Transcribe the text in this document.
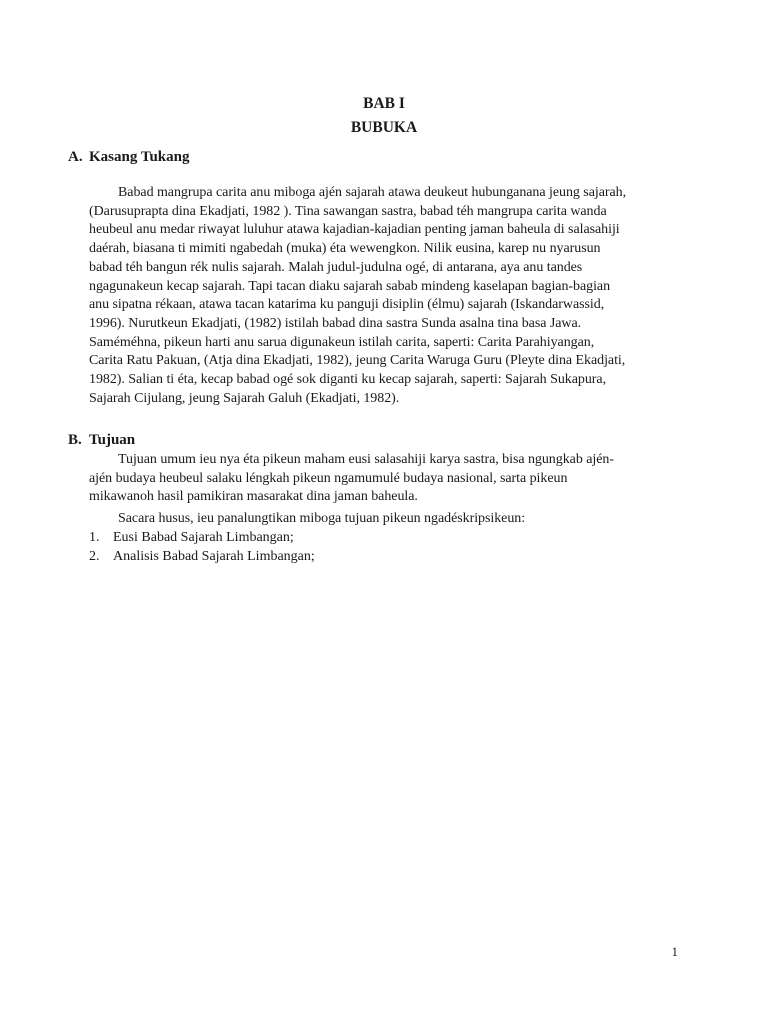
BAB I
BUBUKA
A. Kasang Tukang

Babad mangrupa carita anu miboga ajén sajarah atawa deukeut hubunganana jeung sajarah,
(Darusuprapta dina Ekadjati, 1982 ). Tina sawangan sastra, babad téh mangrupa carita wanda
heubeul anu medar riwayat luluhur atawa kajadian-kajadian penting jaman baheula di salasahiji
daérah, biasana ti mimiti ngabedah (muka) éta wewengkon. Nilik eusina, karep nu nyarusun
babad téh bangun rék nulis sajarah. Malah judul-judulna ogé, di antarana, aya anu tandes
ngagunakeun kecap sajarah. Tapi tacan diaku sajarah sabab mindeng kaselapan bagian-bagian
anu sipatna rékaan, atawa tacan katarima ku panguji disiplin (élmu) sajarah (Iskandarwassid,
1996). Nurutkeun Ekadjati, (1982) istilah babad dina sastra Sunda asalna tina basa Jawa.
Saméméhna, pikeun harti anu sarua digunakeun istilah carita, saperti: Carita Parahiyangan,
Carita Ratu Pakuan, (Atja dina Ekadjati, 1982), jeung Carita Waruga Guru (Pleyte dina Ekadjati,
1982). Salian ti éta, kecap babad ogé sok diganti ku kecap sajarah, saperti: Sajarah Sukapura,
Sajarah Cijulang, jeung Sajarah Galuh (Ekadjati, 1982).

B. Tujuan

Tujuan umum ieu nya éta pikeun maham eusi salasahiji karya sastra, bisa ngungkab ajén-
ajén budaya heubeul salaku léngkah pikeun ngamumulé budaya nasional, sarta pikeun
mikawanoh hasil pamikiran masarakat dina jaman baheula.

Sacara husus, ieu panalungtikan miboga tujuan pikeun ngadéskripsikeun:

1. Eusi Babad Sajarah Limbangan;
2. Analisis Babad Sajarah Limbangan;
1
